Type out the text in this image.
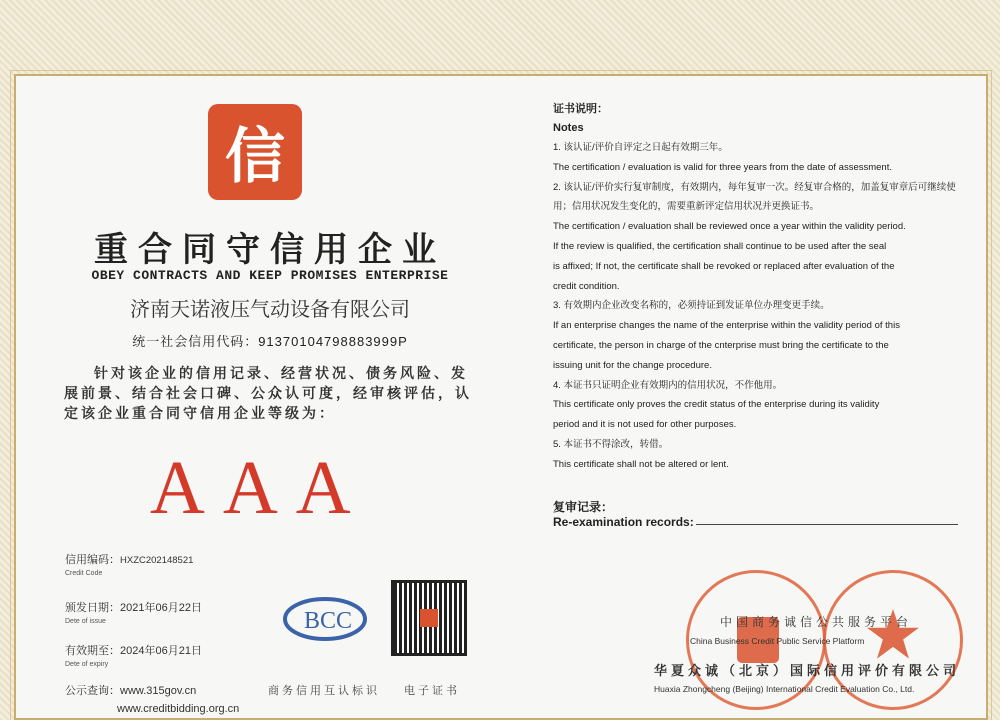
信
重合同守信用企业
OBEY CONTRACTS AND KEEP PROMISES ENTERPRISE
济南天诺液压气动设备有限公司
统一社会信用代码：91370104798883999P
针对该企业的信用记录、经营状况、债务风险、发展前景、结合社会口碑、公众认可度，经审核评估，认定该企业重合同守信用企业等级为：
AAA
信用编码：HXZC202148521
Credit Code
颁发日期：2021年06月22日
Dete of issue
有效期至：2024年06月21日
Dete of expiry
公示查询：www.315gov.cn
www.creditbidding.org.cn
BCC
商务信用互认标识 电子证书
证书说明：
Notes
1. 该认证/评价自评定之日起有效期三年。
The certification / evaluation is valid for three years from the date of assessment.
2. 该认证/评价实行复审制度，有效期内，每年复审一次。经复审合格的，加盖复审章后可继续使
用；信用状况发生变化的，需要重新评定信用状况并更换证书。
The certification / evaluation shall be reviewed once a year within the validity period.
If the review is qualified, the certification shall continue to be used after the seal
is affixed; If not, the certificate shall be revoked or replaced after evaluation of the
credit condition.
3. 有效期内企业改变名称的，必须持证到发证单位办理变更手续。
If an enterprise changes the name of the enterprise within the validity period of this
certificate, the person in charge of the cnterprise must bring the certificate to the
issuing unit for the change procedure.
4. 本证书只证明企业有效期内的信用状况，不作他用。
This certificate only proves the credit status of the enterprise during its validity
period and it is not used for other purposes.
5. 本证书不得涂改，转借。
This certificate shall not be altered or lent.
复审记录：
Re-examination records:
中国商务诚信公共服务平台
China Business Credit Public Service Platform
华夏众诚（北京）国际信用评价有限公司
Huaxia Zhongcheng (Beijing) International Credit Evaluation Co., Ltd.
